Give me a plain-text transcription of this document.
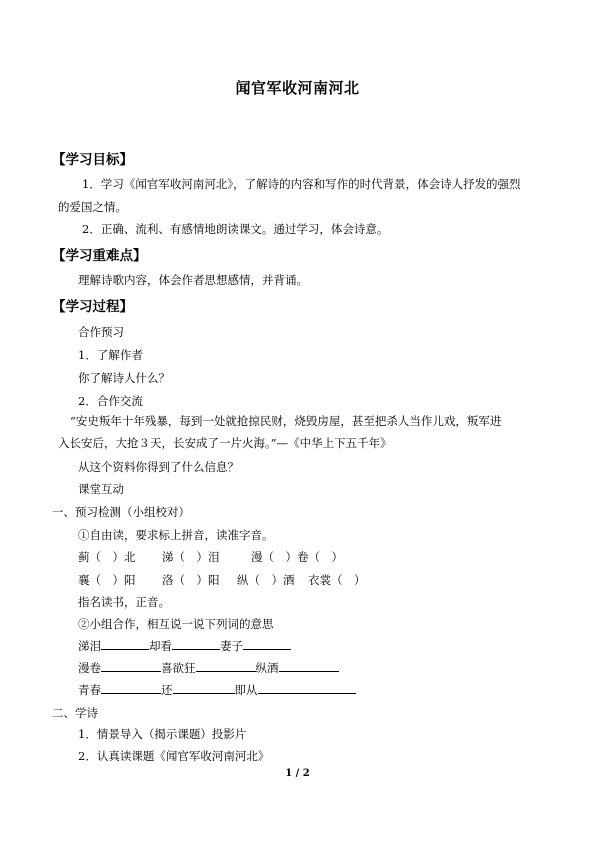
闻官军收河南河北
【学习目标】
1．学习《闻官军收河南河北》，了解诗的内容和写作的时代背景，体会诗人抒发的强烈
的爱国之情。
2．正确、流利、有感情地朗读课文。通过学习，体会诗意。
【学习重难点】
理解诗歌内容，体会作者思想感情，并背诵。
【学习过程】
合作预习
1．了解作者
你了解诗人什么？
2．合作交流
“安史叛年十年残暴，每到一处就抢掠民财，烧毁房屋，甚至把杀人当作儿戏，叛军进
入长安后，大抢３天，长安成了一片火海。”—《中华上下五千年》
从这个资料你得到了什么信息？
课堂互动
一、预习检测（小组校对）
①自由读，要求标上拼音，读准字音。
蓟（　）北 涕（　）泪	漫（　）卷（　）
襄（　）阳 洛（　）阳 纵（　）酒 衣裳（　）
指名读书，正音。
②小组合作，相互说一说下列词的意思
涕泪	却看	妻子
漫卷	喜欲狂	纵酒
青春	还	即从
二、学诗
1．情景导入（揭示课题）投影片
2．认真读课题《闻官军收河南河北》
1 / 2
